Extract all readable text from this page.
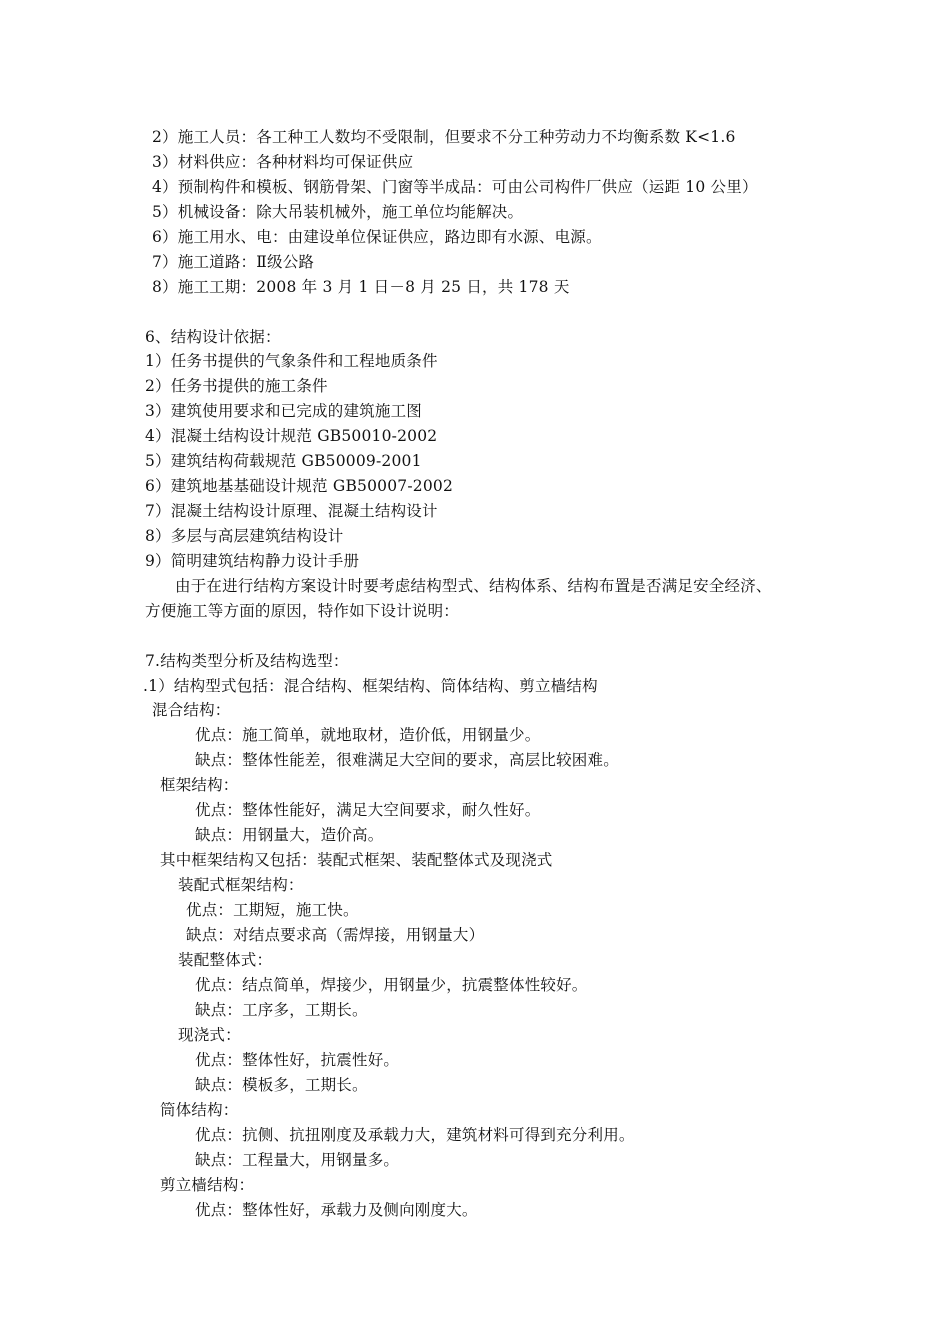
2）施工人员：各工种工人数均不受限制，但要求不分工种劳动力不均衡系数 K<1.6
3）材料供应：各种材料均可保证供应
4）预制构件和模板、钢筋骨架、门窗等半成品：可由公司构件厂供应（运距 10 公里）
5）机械设备：除大吊装机械外，施工单位均能解决。
6）施工用水、电：由建设单位保证供应，路边即有水源、电源。
7）施工道路：Ⅱ级公路
8）施工工期：2008 年 3 月 1 日－8 月 25 日，共 178 天
6、结构设计依据：
1）任务书提供的气象条件和工程地质条件
2）任务书提供的施工条件
3）建筑使用要求和已完成的建筑施工图
4）混凝土结构设计规范 GB50010-2002
5）建筑结构荷载规范 GB50009-2001
6）建筑地基基础设计规范 GB50007-2002
7）混凝土结构设计原理、混凝土结构设计
8）多层与高层建筑结构设计
9）简明建筑结构静力设计手册
由于在进行结构方案设计时要考虑结构型式、结构体系、结构布置是否满足安全经济、
方便施工等方面的原因，特作如下设计说明：
7.结构类型分析及结构选型：
.1）结构型式包括：混合结构、框架结构、筒体结构、剪立樯结构
混合结构：
优点：施工简单，就地取材，造价低，用钢量少。
缺点：整体性能差，很难满足大空间的要求，高层比较困难。
框架结构：
优点：整体性能好，满足大空间要求，耐久性好。
缺点：用钢量大，造价高。
其中框架结构又包括：装配式框架、装配整体式及现浇式
装配式框架结构：
优点：工期短，施工快。
缺点：对结点要求高（需焊接，用钢量大）
装配整体式：
优点：结点简单，焊接少，用钢量少，抗震整体性较好。
缺点：工序多，工期长。
现浇式：
优点：整体性好，抗震性好。
缺点：模板多，工期长。
筒体结构：
优点：抗侧、抗扭刚度及承载力大，建筑材料可得到充分利用。
缺点：工程量大，用钢量多。
剪立樯结构：
优点：整体性好，承载力及侧向刚度大。
